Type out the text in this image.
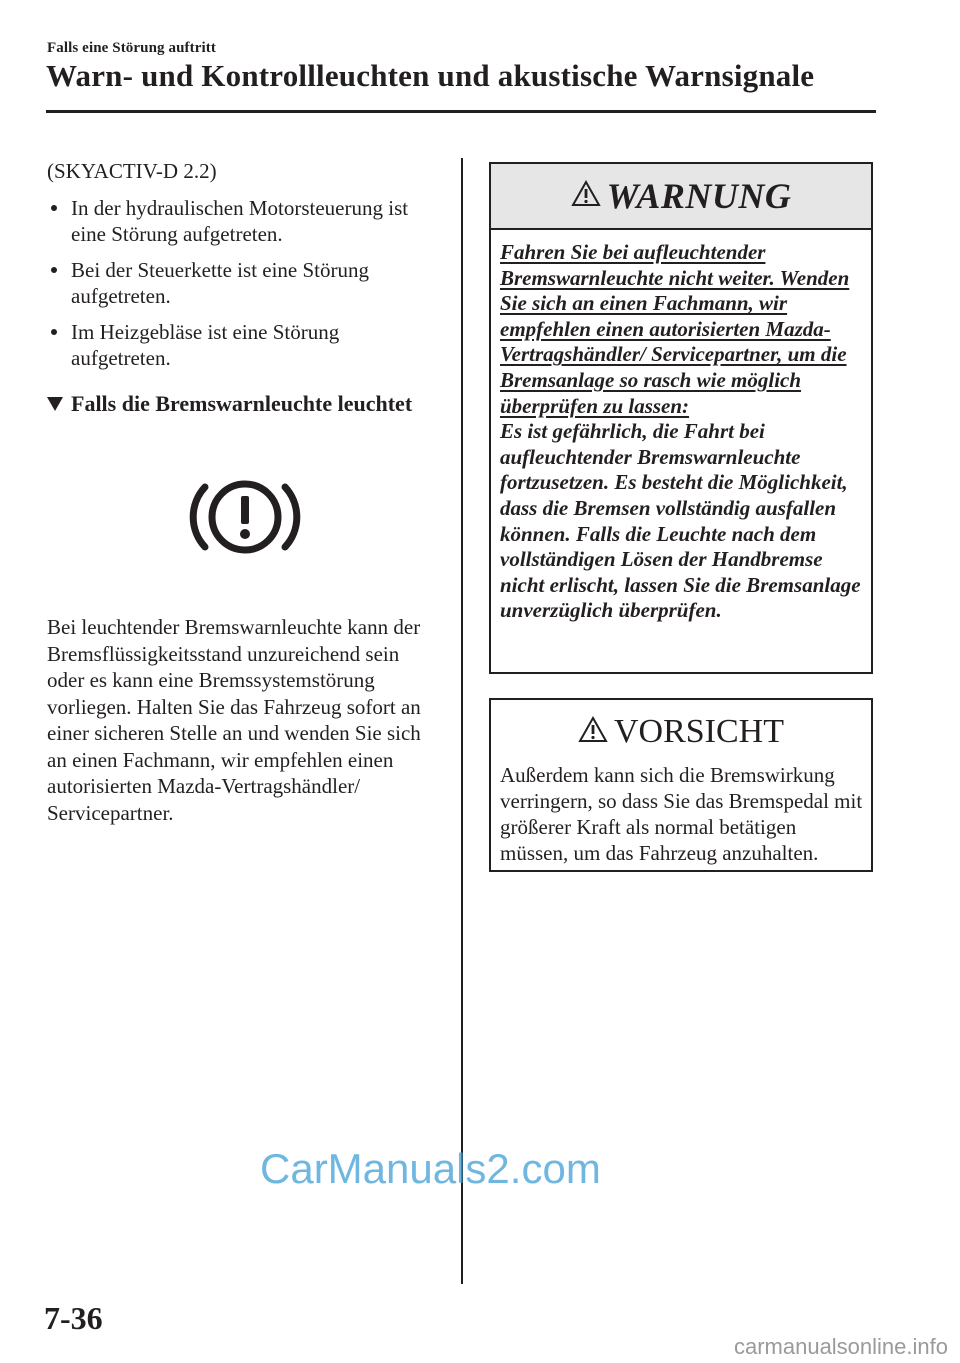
Falls eine Störung auftritt
Warn- und Kontrollleuchten und akustische Warnsignale
(SKYACTIV-D 2.2)
In der hydraulischen Motorsteuerung ist eine Störung aufgetreten.
Bei der Steuerkette ist eine Störung aufgetreten.
Im Heizgebläse ist eine Störung aufgetreten.
Falls die Bremswarnleuchte leuchtet

Bei leuchtender Bremswarnleuchte kann der Bremsflüssigkeitsstand unzureichend sein oder es kann eine Bremssystemstörung vorliegen. Halten Sie das Fahrzeug sofort an einer sicheren Stelle an und wenden Sie sich an einen Fachmann, wir empfehlen einen autorisierten Mazda-Vertragshändler/ Servicepartner.

WARNUNG
Fahren Sie bei aufleuchtender Bremswarnleuchte nicht weiter. Wenden Sie sich an einen Fachmann, wir empfehlen einen autorisierten Mazda-Vertragshändler/ Servicepartner, um die Bremsanlage so rasch wie möglich überprüfen zu lassen:
Es ist gefährlich, die Fahrt bei aufleuchtender Bremswarnleuchte fortzusetzen. Es besteht die Möglichkeit, dass die Bremsen vollständig ausfallen können. Falls die Leuchte nach dem vollständigen Lösen der Handbremse nicht erlischt, lassen Sie die Bremsanlage unverzüglich überprüfen.
VORSICHT
Außerdem kann sich die Bremswirkung verringern, so dass Sie das Bremspedal mit größerer Kraft als normal betätigen müssen, um das Fahrzeug anzuhalten.
CarManuals2.com
7-36
carmanualsonline.info
